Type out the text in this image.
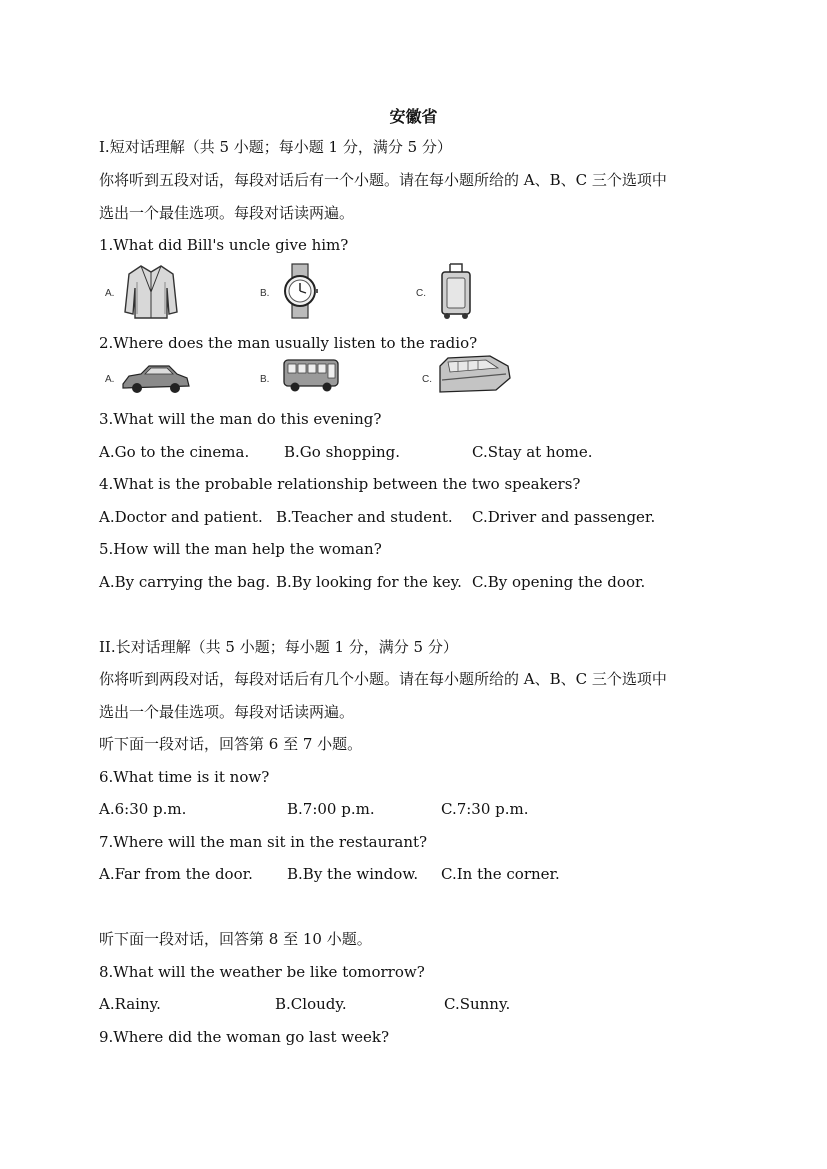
安徽省
I.短对话理解（共 5 小题；每小题 1 分，满分 5 分）
你将听到五段对话，每段对话后有一个小题。请在每小题所给的 A、B、C 三个选项中
选出一个最佳选项。每段对话读两遍。
1.What did Bill's uncle give him?
A.	B.	C.
2.Where does the man usually listen to the radio?
A.	B.	C.
3.What will the man do this evening?
A.Go to the cinema. B.Go shopping.	C.Stay at home.
4.What is the probable relationship between the two speakers?
A.Doctor and patient. B.Teacher and student. C.Driver and passenger.
5.How will the man help the woman?
A.By carrying the bag. B.By looking for the key. C.By opening the door.
II.长对话理解（共 5 小题；每小题 1 分，满分 5 分）
你将听到两段对话，每段对话后有几个小题。请在每小题所给的 A、B、C 三个选项中
选出一个最佳选项。每段对话读两遍。
听下面一段对话，回答第 6 至 7 小题。
6.What time is it now?
A.6:30 p.m.	B.7:00 p.m.	C.7:30 p.m.
7.Where will the man sit in the restaurant?
A.Far from the door. B.By the window. C.In the corner.
听下面一段对话，回答第 8 至 10 小题。
8.What will the weather be like tomorrow?
A.Rainy.	B.Cloudy.	C.Sunny.
9.Where did the woman go last week?
